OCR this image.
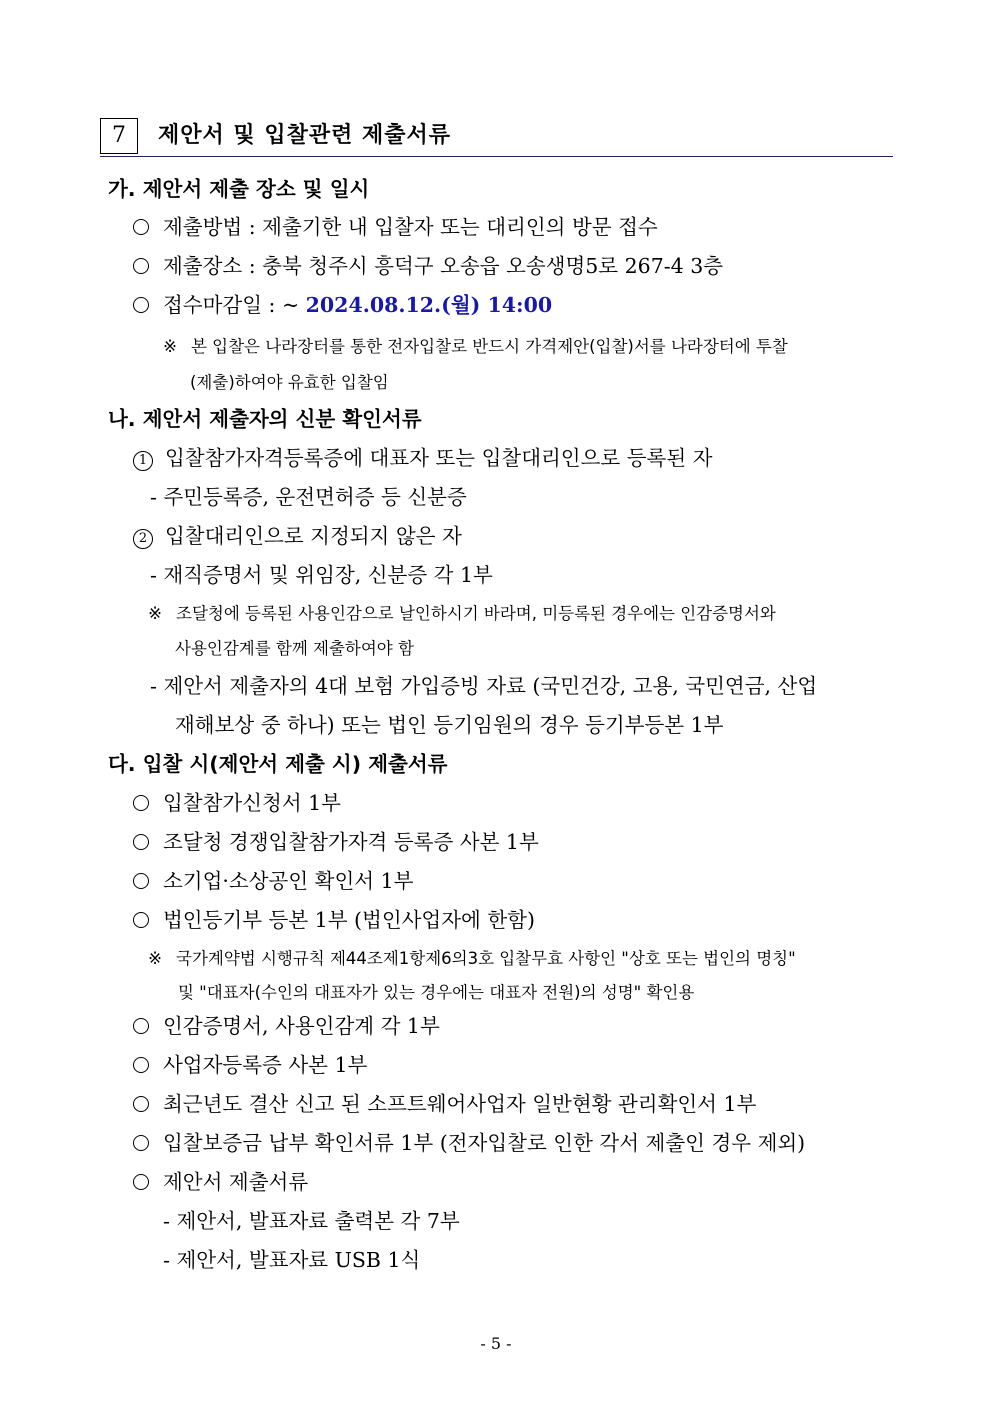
7	제안서 및 입찰관련 제출서류
가. 제안서 제출 장소 및 일시
제출방법 : 제출기한 내 입찰자 또는 대리인의 방문 접수
제출장소 : 충북 청주시 흥덕구 오송읍 오송생명5로 267-4 3층
접수마감일 : ~ 2024.08.12.(월) 14:00
※ 본 입찰은 나라장터를 통한 전자입찰로 반드시 가격제안(입찰)서를 나라장터에 투찰
(제출)하여야 유효한 입찰임
나. 제안서 제출자의 신분 확인서류
1 입찰참가자격등록증에 대표자 또는 입찰대리인으로 등록된 자
- 주민등록증, 운전면허증 등 신분증
2 입찰대리인으로 지정되지 않은 자
- 재직증명서 및 위임장, 신분증 각 1부
※ 조달청에 등록된 사용인감으로 날인하시기 바라며, 미등록된 경우에는 인감증명서와
사용인감계를 함께 제출하여야 함
- 제안서 제출자의 4대 보험 가입증빙 자료 (국민건강, 고용, 국민연금, 산업
재해보상 중 하나) 또는 법인 등기임원의 경우 등기부등본 1부
다. 입찰 시(제안서 제출 시) 제출서류
입찰참가신청서 1부
조달청 경쟁입찰참가자격 등록증 사본 1부
소기업·소상공인 확인서 1부
법인등기부 등본 1부 (법인사업자에 한함)
※ 국가계약법 시행규칙 제44조제1항제6의3호 입찰무효 사항인 "상호 또는 법인의 명칭"
및 "대표자(수인의 대표자가 있는 경우에는 대표자 전원)의 성명" 확인용
인감증명서, 사용인감계 각 1부
사업자등록증 사본 1부
최근년도 결산 신고 된 소프트웨어사업자 일반현황 관리확인서 1부
입찰보증금 납부 확인서류 1부 (전자입찰로 인한 각서 제출인 경우 제외)
제안서 제출서류
- 제안서, 발표자료 출력본 각 7부
- 제안서, 발표자료 USB 1식
- 5 -
